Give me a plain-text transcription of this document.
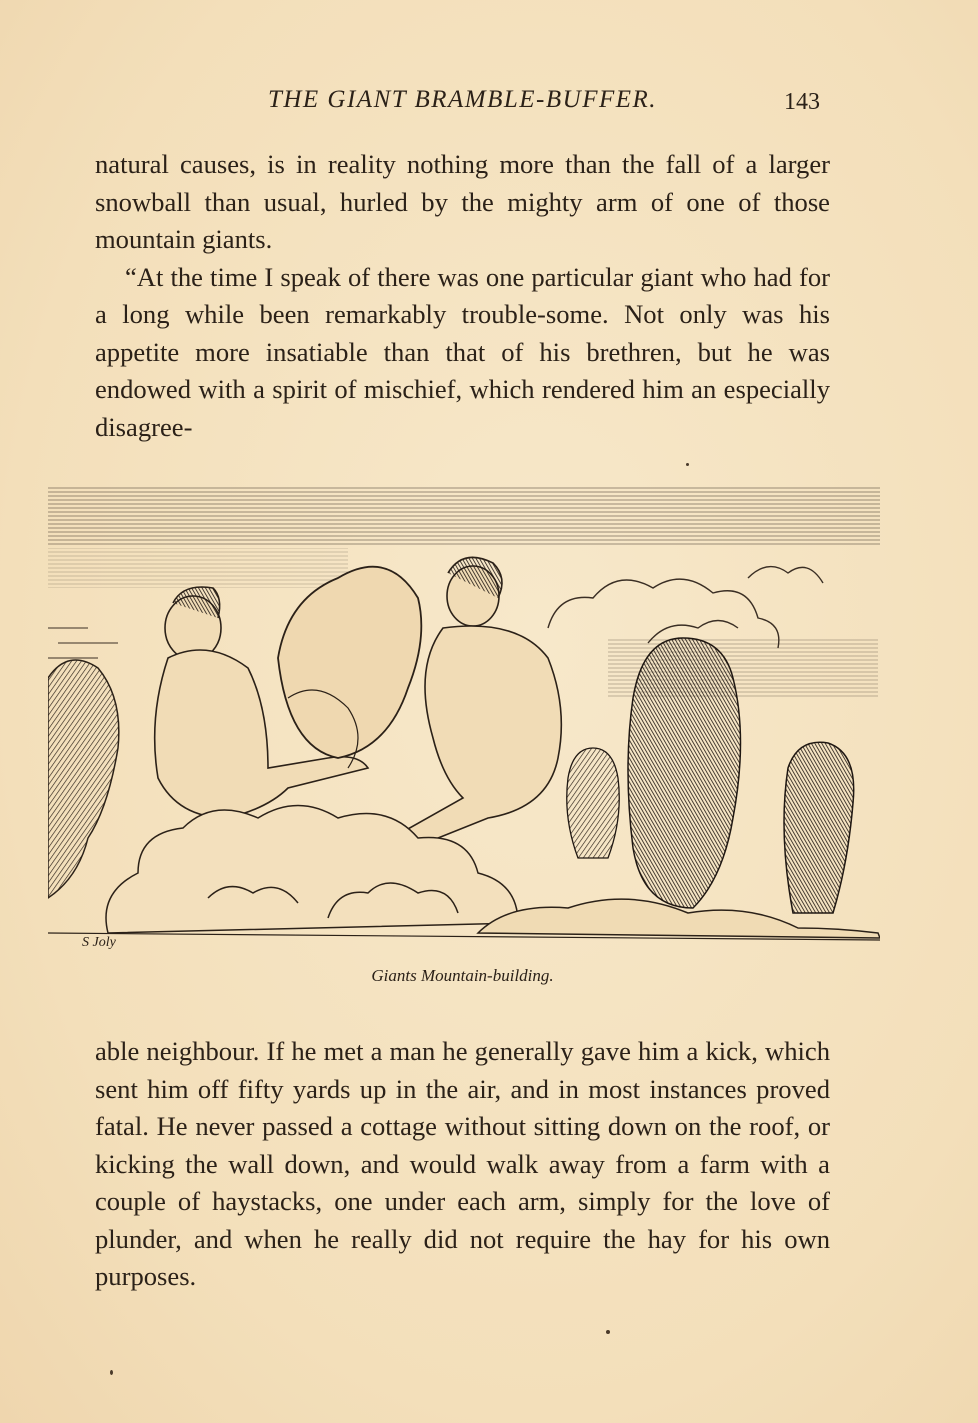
THE GIANT BRAMBLE-BUFFER.	143

natural causes, is in reality nothing more than the fall of a larger snowball than usual, hurled by the mighty arm of one of those mountain giants.

“At the time I speak of there was one particular giant who had for a long while been remarkably trouble-some. Not only was his appetite more insatiable than that of his brethren, but he was endowed with a spirit of mischief, which rendered him an especially disagree-

S Joly
Giants Mountain-building.

able neighbour. If he met a man he generally gave him a kick, which sent him off fifty yards up in the air, and in most instances proved fatal. He never passed a cottage without sitting down on the roof, or kicking the wall down, and would walk away from a farm with a couple of haystacks, one under each arm, simply for the love of plunder, and when he really did not require the hay for his own purposes.
